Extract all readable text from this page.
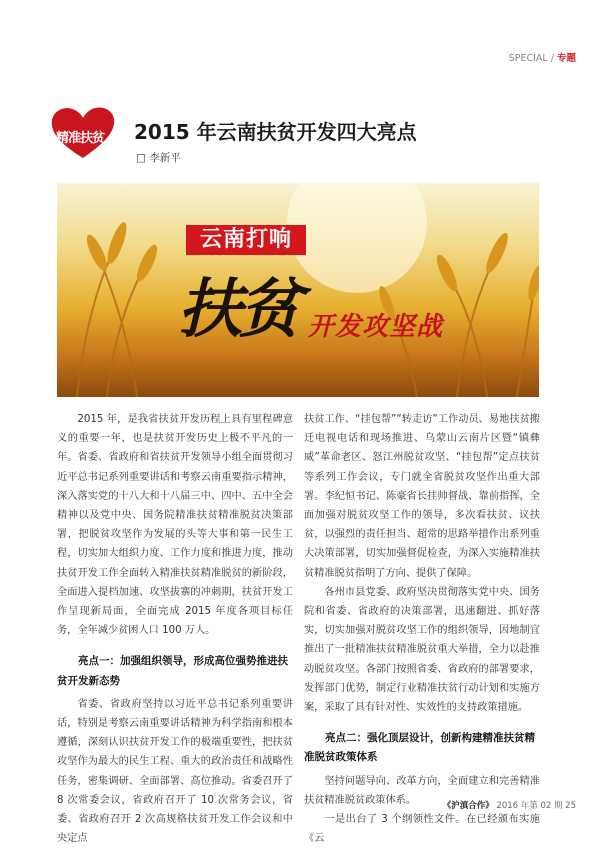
SPECIAL / 专题
精准扶贫 2015 年云南扶贫开发四大亮点
□ 李新平
云南打响
扶贫 开发攻坚战

2015 年，是我省扶贫开发历程上具有里程碑意义的重要一年，也是扶贫开发历史上极不平凡的一年。省委、省政府和省扶贫开发领导小组全面贯彻习近平总书记系列重要讲话和考察云南重要指示精神，深入落实党的十八大和十八届三中、四中、五中全会精神以及党中央、国务院精准扶贫精准脱贫决策部署，把脱贫攻坚作为发展的头等大事和第一民生工程，切实加大组织力度、工作力度和推进力度，推动扶贫开发工作全面转入精准扶贫精准脱贫的新阶段，全面进入提档加速、攻坚拔寨的冲刺期，扶贫开发工作呈现新局面，全面完成 2015 年度各项目标任务，全年减少贫困人口 100 万人。

亮点一：加强组织领导，形成高位强势推进扶贫开发新态势

省委、省政府坚持以习近平总书记系列重要讲话，特别是考察云南重要讲话精神为科学指南和根本遵循，深刻认识扶贫开发工作的极端重要性，把扶贫攻坚作为最大的民生工程、重大的政治责任和战略性任务，密集调研、全面部署、高位推动。省委召开了 8 次常委会议，省政府召开了 10 次常务会议，省委、省政府召开 2 次高规格扶贫开发工作会议和中央定点

扶贫工作、“挂包帮”“转走访”工作动员、易地扶贫搬迁电视电话和现场推进、乌蒙山云南片区暨“镇彝威”革命老区、怒江州脱贫攻坚、“挂包帮”定点扶贫等系列工作会议，专门就全省脱贫攻坚作出重大部署。李纪恒书记、陈豪省长挂帅督战、靠前指挥，全面加强对脱贫攻坚工作的领导，多次看扶贫、议扶贫，以强烈的责任担当、超常的思路举措作出系列重大决策部署，切实加强督促检查，为深入实施精准扶贫精准脱贫指明了方向、提供了保障。

各州市县党委、政府坚决贯彻落实党中央、国务院和省委、省政府的决策部署，迅速翻进、抓好落实，切实加强对脱贫攻坚工作的组织领导，因地制宜推出了一批精准扶贫精准脱贫重大举措，全力以赴推动脱贫攻坚。各部门按照省委、省政府的部署要求，发挥部门优势，制定行业精准扶贫行动计划和实施方案，采取了具有针对性、实效性的支持政策措施。

亮点二：强化顶层设计，创新构建精准扶贫精准脱贫政策体系

坚持问题导向、改革方向，全面建立和完善精准扶贫精准脱贫政策体系。

一是出台了 3 个纲领性文件。在已经颁布实施《云

《沪滇合作》 2016 年第 02 期 25
